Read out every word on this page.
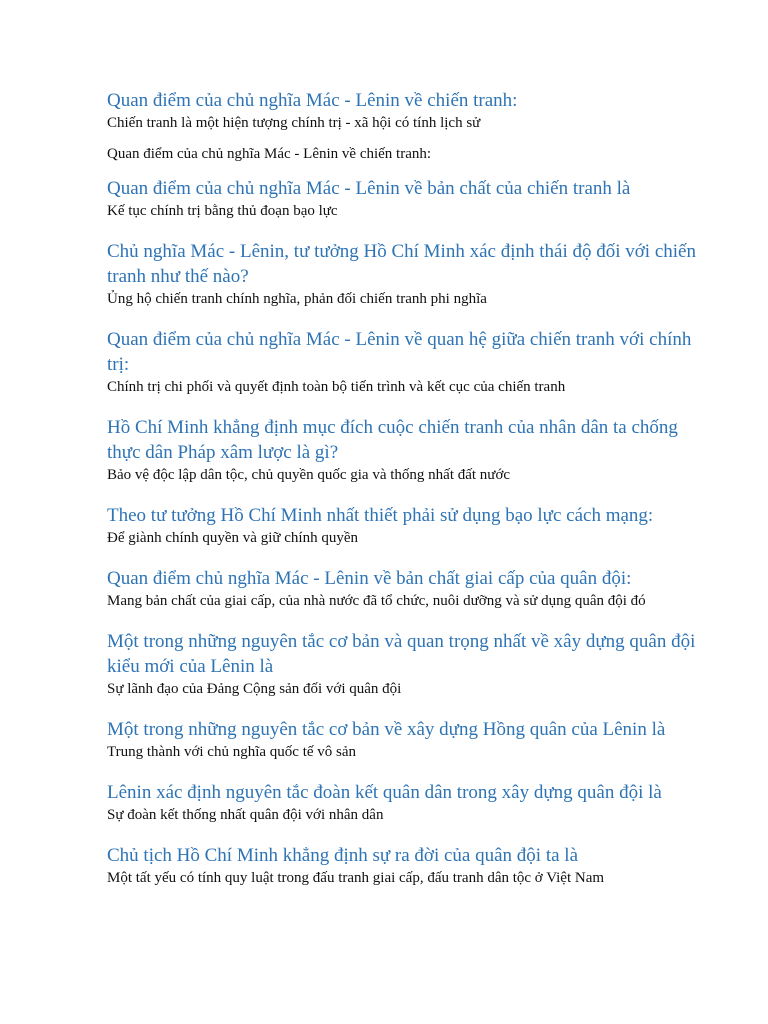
Quan điểm của chủ nghĩa Mác - Lênin về chiến tranh:

Chiến tranh là một hiện tượng chính trị - xã hội có tính lịch sử

Quan điểm của chủ nghĩa Mác - Lênin về chiến tranh:

Quan điểm của chủ nghĩa Mác - Lênin về bản chất của chiến tranh là

Kế tục chính trị bằng thủ đoạn bạo lực

Chủ nghĩa Mác - Lênin, tư tưởng Hồ Chí Minh xác định thái độ đối với chiến tranh như thế nào?

Ủng hộ chiến tranh chính nghĩa, phản đối chiến tranh phi nghĩa

Quan điểm của chủ nghĩa Mác - Lênin về quan hệ giữa chiến tranh với chính trị:

Chính trị chi phối và quyết định toàn bộ tiến trình và kết cục của chiến tranh

Hồ Chí Minh khẳng định mục đích cuộc chiến tranh của nhân dân ta chống thực dân Pháp xâm lược là gì?

Bảo vệ độc lập dân tộc, chủ quyền quốc gia và thống nhất đất nước

Theo tư tưởng Hồ Chí Minh nhất thiết phải sử dụng bạo lực cách mạng:

Để giành chính quyền và giữ chính quyền

Quan điểm chủ nghĩa Mác - Lênin về bản chất giai cấp của quân đội:

Mang bản chất của giai cấp, của nhà nước đã tổ chức, nuôi dưỡng và sử dụng quân đội đó

Một trong những nguyên tắc cơ bản và quan trọng nhất về xây dựng quân đội kiểu mới của Lênin là

Sự lãnh đạo của Đảng Cộng sản đối với quân đội

Một trong những nguyên tắc cơ bản về xây dựng Hồng quân của Lênin là

Trung thành với chủ nghĩa quốc tế vô sản

Lênin xác định nguyên tắc đoàn kết quân dân trong xây dựng quân đội là

Sự đoàn kết thống nhất quân đội với nhân dân

Chủ tịch Hồ Chí Minh khẳng định sự ra đời của quân đội ta là

Một tất yếu có tính quy luật trong đấu tranh giai cấp, đấu tranh dân tộc ở Việt Nam
